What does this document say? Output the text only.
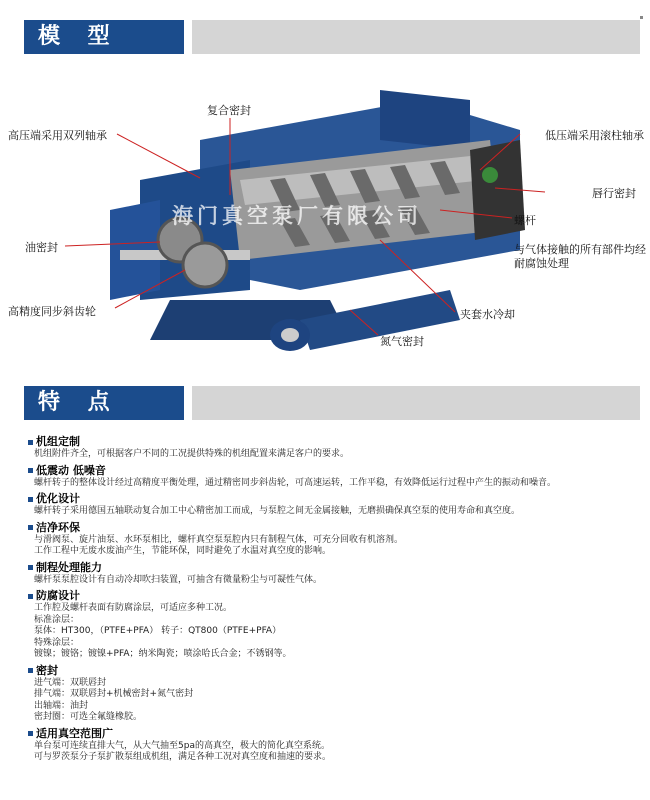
模 型
复合密封
高压端采用双列轴承	低压端采用滚柱轴承
唇行密封
油密封
螺杆
与气体接触的所有部件均经
耐腐蚀处理
高精度同步斜齿轮	夹套水冷却
氮气密封
海门真空泵厂有限公司
特 点
机组定制
机组附件齐全，可根据客户不同的工况提供特殊的机组配置来满足客户的要求。
低震动 低噪音
螺杆转子的整体设计经过高精度平衡处理，通过精密同步斜齿轮，可高速运转，工作平稳，有效降低运行过程中产生的振动和噪音。
优化设计
螺杆转子采用德国五轴联动复合加工中心精密加工而成，与泵腔之间无金属接触，无磨损确保真空泵的使用寿命和真空度。
洁净环保
与滑阀泵、旋片油泵、水环泵相比，螺杆真空泵泵腔内只有制程气体，可充分回收有机溶剂。
工作工程中无废水废油产生，节能环保，同时避免了水温对真空度的影响。
制程处理能力
螺杆泵泵腔设计有自动冷却吹扫装置，可抽含有微量粉尘与可凝性气体。
防腐设计
工作腔及螺杆表面有防腐涂层，可适应多种工况。
标准涂层：
泵体：HT300，（PTFE+PFA） 转子：QT800（PTFE+PFA）
特殊涂层：
镀镍；镀铬；镀镍+PFA；纳米陶瓷；喷涂哈氏合金；不锈钢等。
密封
进气端：双联唇封
排气端：双联唇封+机械密封+氮气密封
出轴端：油封
密封圈：可选全氟缝橡胶。
适用真空范围广
单台泵可连续直排大气，从大气抽至5pa的高真空，极大的简化真空系统。
可与罗茨泵分子泵扩散泵组成机组，满足各种工况对真空度和抽速的要求。
